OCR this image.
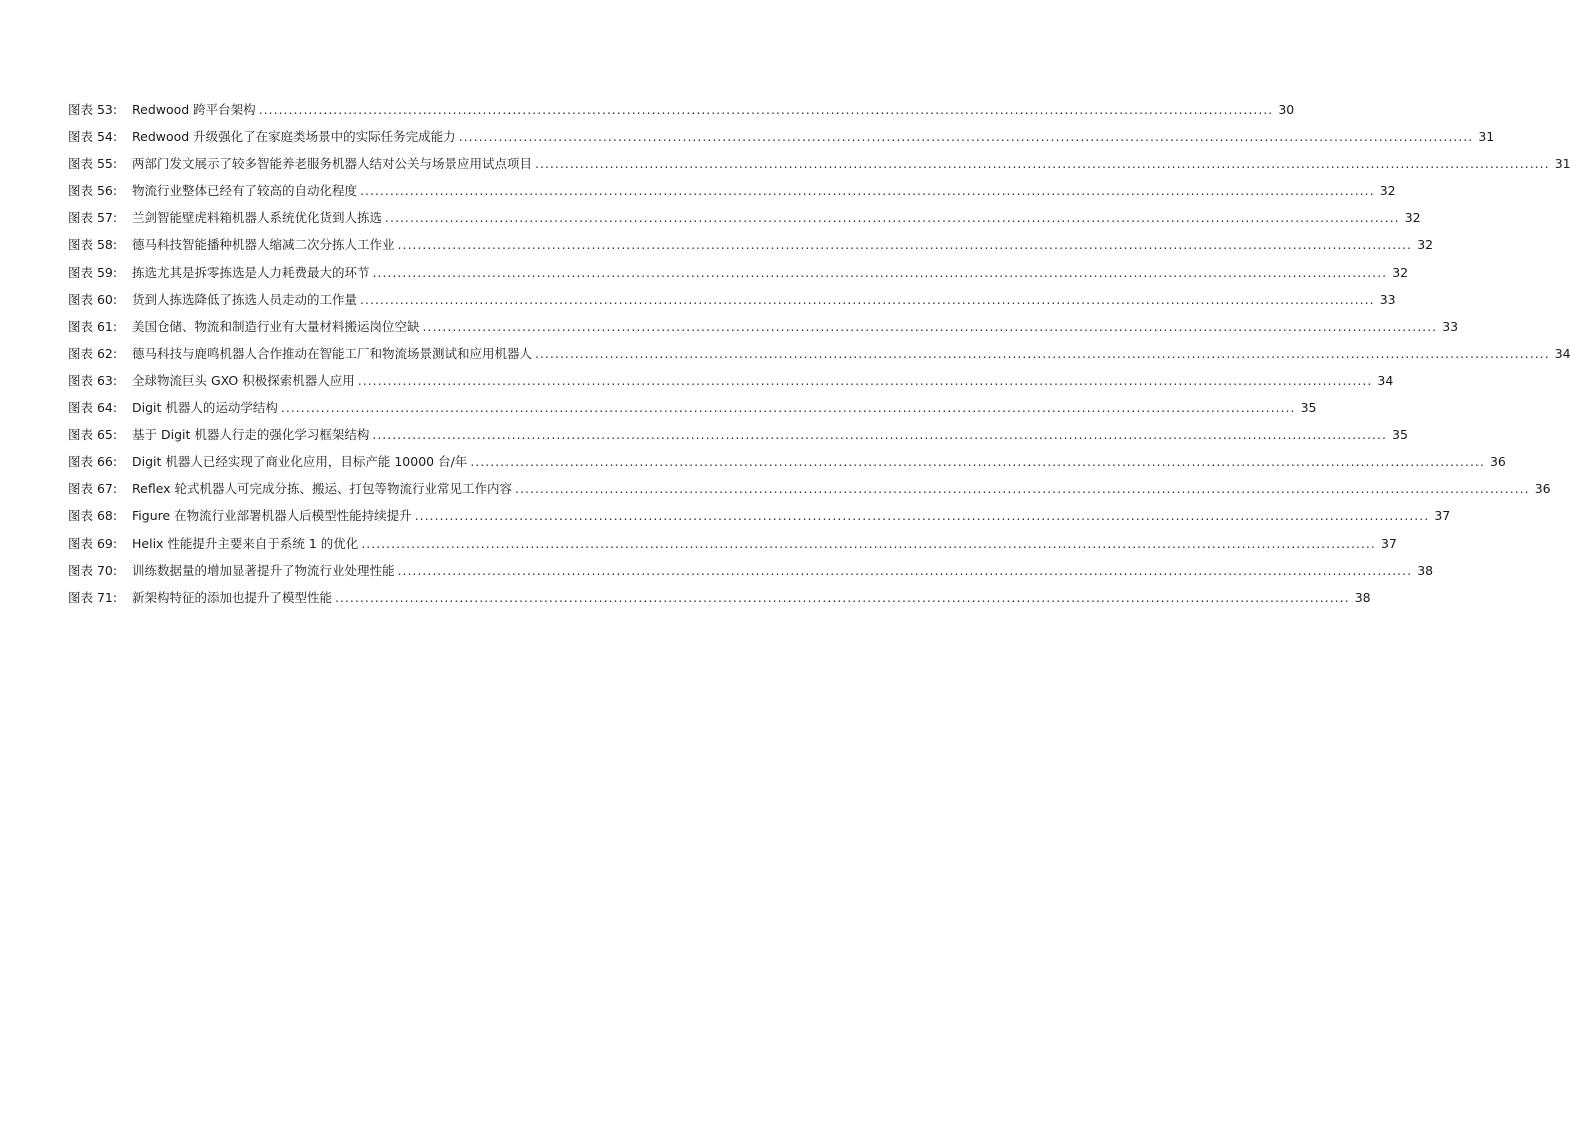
图表 53:	Redwood 跨平台架构 .....	30
图表 54:	Redwood 升级强化了在家庭类场景中的实际任务完成能力 .....	31
图表 55:	两部门发文展示了较多智能养老服务机器人结对公关与场景应用试点项目 .....	31
图表 56:	物流行业整体已经有了较高的自动化程度 .....	32
图表 57:	兰剑智能壁虎料箱机器人系统优化货到人拣选 .....	32
图表 58:	德马科技智能播种机器人缩减二次分拣人工作业 .....	32
图表 59:	拣选尤其是拆零拣选是人力耗费最大的环节 .....	32
图表 60:	货到人拣选降低了拣选人员走动的工作量 .....	33
图表 61:	美国仓储、物流和制造行业有大量材料搬运岗位空缺 .....	33
图表 62:	德马科技与鹿鸣机器人合作推动在智能工厂和物流场景测试和应用机器人 .....	34
图表 63:	全球物流巨头 GXO 积极探索机器人应用 .....	34
图表 64:	Digit 机器人的运动学结构 .....	35
图表 65:	基于 Digit 机器人行走的强化学习框架结构 .....	35
图表 66:	Digit 机器人已经实现了商业化应用，目标产能 10000 台/年 .....	36
图表 67:	Reflex 轮式机器人可完成分拣、搬运、打包等物流行业常见工作内容 .....	36
图表 68:	Figure 在物流行业部署机器人后模型性能持续提升 .....	37
图表 69:	Helix 性能提升主要来自于系统 1 的优化 .....	37
图表 70:	训练数据量的增加显著提升了物流行业处理性能 .....	38
图表 71:	新架构特征的添加也提升了模型性能 .....	38
